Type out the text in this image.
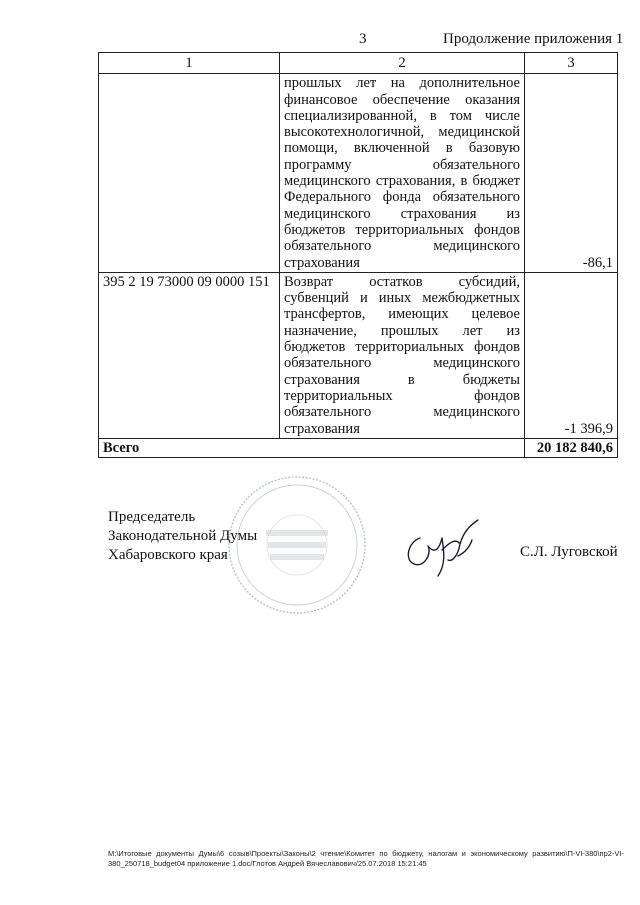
3	Продолжение приложения 1
1	2	3
	прошлых лет на дополнительное финансовое обеспечение оказания специализированной, в том числе высокотехнологичной, медицинской помощи, включенной в базовую программу обязательного медицинского страхования, в бюджет Федерального фонда обязательного медицинского страхования из бюджетов территориальных фондов обязательного медицинского страхования	-86,1
395 2 19 73000 09 0000 151	Возврат остатков субсидий, субвенций и иных межбюджетных трансфертов, имеющих целевое назначение, прошлых лет из бюджетов территориальных фондов обязательного медицинского страхования в бюджеты территориальных фондов обязательного медицинского страхования	-1 396,9
Всего		20 182 840,6
Председатель
Законодательной Думы
Хабаровского края	С.Л. Луговской
M:\Итоговые документы Думы\6 созыв\Проекты\Законы\2 чтение\Комитет по бюджету, налогам и экономическому развитию\П-VI-380\пр2-VI-380_250718_budget04 приложение 1.doc/Глотов Андрей Вячеславович/25.07.2018 15:21:45
